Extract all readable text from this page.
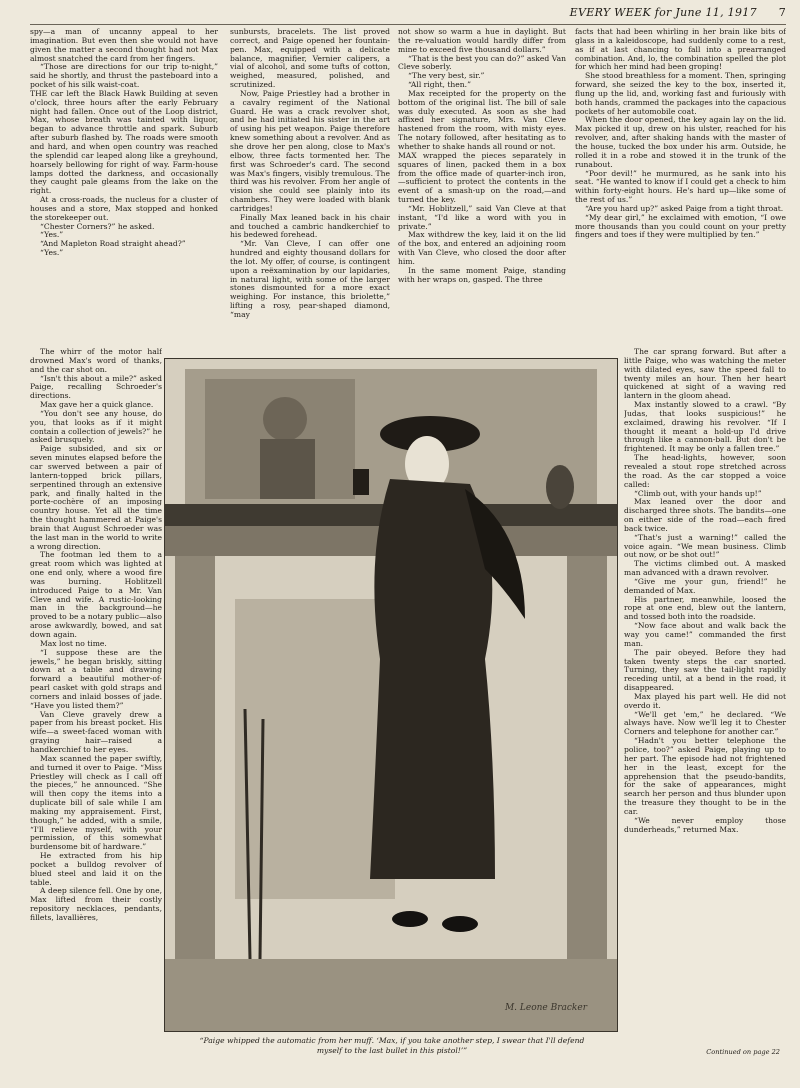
EVERY WEEK for June 11, 1917 7

spy—a man of uncanny appeal to her imagination. But even then she would not have given the matter a second thought had not Max almost snatched the card from her fingers.

“Those are directions for our trip to-night,” said he shortly, and thrust the pasteboard into a pocket of his silk waist-coat.

THE car left the Black Hawk Building at seven o'clock, three hours after the early February night had fallen. Once out of the Loop district, Max, whose breath was tainted with liquor, began to advance throttle and spark. Suburb after suburb flashed by. The roads were smooth and hard, and when open country was reached the splendid car leaped along like a greyhound, hoarsely bellowing for right of way. Farm-house lamps dotted the darkness, and occasionally they caught pale gleams from the lake on the right.

At a cross-roads, the nucleus for a cluster of houses and a store, Max stopped and honked the storekeeper out.

“Chester Corners?” he asked.

“Yes.”

“And Mapleton Road straight ahead?”

“Yes.”

The whirr of the motor half drowned Max's word of thanks, and the car shot on.

“Isn't this about a mile?” asked Paige, recalling Schroeder's directions.

Max gave her a quick glance.

“You don't see any house, do you, that looks as if it might contain a collection of jewels?” he asked brusquely.

Paige subsided, and six or seven minutes elapsed before the car swerved between a pair of lantern-topped brick pillars, serpentined through an extensive park, and finally halted in the porte-cochère of an imposing country house. Yet all the time the thought hammered at Paige's brain that August Schroeder was the last man in the world to write a wrong direction.

The footman led them to a great room which was lighted at one end only, where a wood fire was burning. Hoblitzell introduced Paige to a Mr. Van Cleve and wife. A rustic-looking man in the background—he proved to be a notary public—also arose awkwardly, bowed, and sat down again.

Max lost no time.

“I suppose these are the jewels,” he began briskly, sitting down at a table and drawing forward a beautiful mother-of-pearl casket with gold straps and corners and inlaid bosses of jade. “Have you listed them?”

Van Cleve gravely drew a paper from his breast pocket. His wife—a sweet-faced woman with graying hair—raised a handkerchief to her eyes.

Max scanned the paper swiftly, and turned it over to Paige. “Miss Priestley will check as I call off the pieces,” he announced. “She will then copy the items into a duplicate bill of sale while I am making my appraisement. First, though,” he added, with a smile, “I'll relieve myself, with your permission, of this somewhat burdensome bit of hardware.”

He extracted from his hip pocket a bulldog revolver of blued steel and laid it on the table.

A deep silence fell. One by one, Max lifted from their costly repository necklaces, pendants, fillets, lavallières,

sunbursts, bracelets. The list proved correct, and Paige opened her fountain-pen. Max, equipped with a delicate balance, magnifier, Vernier calipers, a vial of alcohol, and some tufts of cotton, weighed, measured, polished, and scrutinized.

Now, Paige Priestley had a brother in a cavalry regiment of the National Guard. He was a crack revolver shot, and he had initiated his sister in the art of using his pet weapon. Paige therefore knew something about a revolver. And as she drove her pen along, close to Max's elbow, three facts tormented her. The first was Schroeder's card. The second was Max's fingers, visibly tremulous. The third was his revolver. From her angle of vision she could see plainly into its chambers. They were loaded with blank cartridges!

Finally Max leaned back in his chair and touched a cambric handkerchief to his bedewed forehead.

“Mr. Van Cleve, I can offer one hundred and eighty thousand dollars for the lot. My offer, of course, is contingent upon a reëxamination by our lapidaries, in natural light, with some of the larger stones dismounted for a more exact weighing. For instance, this briolette,” lifting a rosy, pear-shaped diamond, “may

not show so warm a hue in daylight. But the re-valuation would hardly differ from mine to exceed five thousand dollars.”

“That is the best you can do?” asked Van Cleve soberly.

“The very best, sir.”

“All right, then.”

Max receipted for the property on the bottom of the original list. The bill of sale was duly executed. As soon as she had affixed her signature, Mrs. Van Cleve hastened from the room, with misty eyes. The notary followed, after hesitating as to whether to shake hands all round or not.

MAX wrapped the pieces separately in squares of linen, packed them in a box from the office made of quarter-inch iron,—sufficient to protect the contents in the event of a smash-up on the road,—and turned the key.

“Mr. Hoblitzell,” said Van Cleve at that instant, “I'd like a word with you in private.”

Max withdrew the key, laid it on the lid of the box, and entered an adjoining room with Van Cleve, who closed the door after him.

In the same moment Paige, standing with her wraps on, gasped. The three

facts that had been whirling in her brain like bits of glass in a kaleidoscope, had suddenly come to a rest, as if at last chancing to fall into a prearranged combination. And, lo, the combination spelled the plot for which her mind had been groping!

She stood breathless for a moment. Then, springing forward, she seized the key to the box, inserted it, flung up the lid, and, working fast and furiously with both hands, crammed the packages into the capacious pockets of her automobile coat.

When the door opened, the key again lay on the lid. Max picked it up, drew on his ulster, reached for his revolver, and, after shaking hands with the master of the house, tucked the box under his arm. Outside, he rolled it in a robe and stowed it in the trunk of the runabout.

“Poor devil!” he murmured, as he sank into his seat. “He wanted to know if I could get a check to him within forty-eight hours. He's hard up—like some of the rest of us.”

“Are you hard up?” asked Paige from a tight throat.

“My dear girl,” he exclaimed with emotion, “I owe more thousands than you could count on your pretty fingers and toes if they were multiplied by ten.”

The car sprang forward. But after a little Paige, who was watching the meter with dilated eyes, saw the speed fall to twenty miles an hour. Then her heart quickened at sight of a waving red lantern in the gloom ahead.

Max instantly slowed to a crawl. “By Judas, that looks suspicious!” he exclaimed, drawing his revolver. “If I thought it meant a hold-up I'd drive through like a cannon-ball. But don't be frightened. It may be only a fallen tree.”

The head-lights, however, soon revealed a stout rope stretched across the road. As the car stopped a voice called:

“Climb out, with your hands up!”

Max leaned over the door and discharged three shots. The bandits—one on either side of the road—each fired back twice.

“That's just a warning!” called the voice again. “We mean business. Climb out now, or be shot out!”

The victims climbed out. A masked man advanced with a drawn revolver.

“Give me your gun, friend!” he demanded of Max.

His partner, meanwhile, loosed the rope at one end, blew out the lantern, and tossed both into the roadside.

“Now face about and walk back the way you came!” commanded the first man.

The pair obeyed. Before they had taken twenty steps the car snorted. Turning, they saw the tail-light rapidly receding until, at a bend in the road, it disappeared.

Max played his part well. He did not overdo it.

“We'll get 'em,” he declared. “We always have. Now we'll leg it to Chester Corners and telephone for another car.”

“Hadn't you better telephone the police, too?” asked Paige, playing up to her part. The episode had not frightened her in the least, except for the apprehension that the pseudo-bandits, for the sake of appearances, might search her person and thus blunder upon the treasure they thought to be in the car.

“We never employ those dunderheads,” returned Max.

M. Leone Bracker
“Paige whipped the automatic from her muff. ‘Max, if you take another step, I swear that I'll defend myself to the last bullet in this pistol!’”	Continued on page 22
